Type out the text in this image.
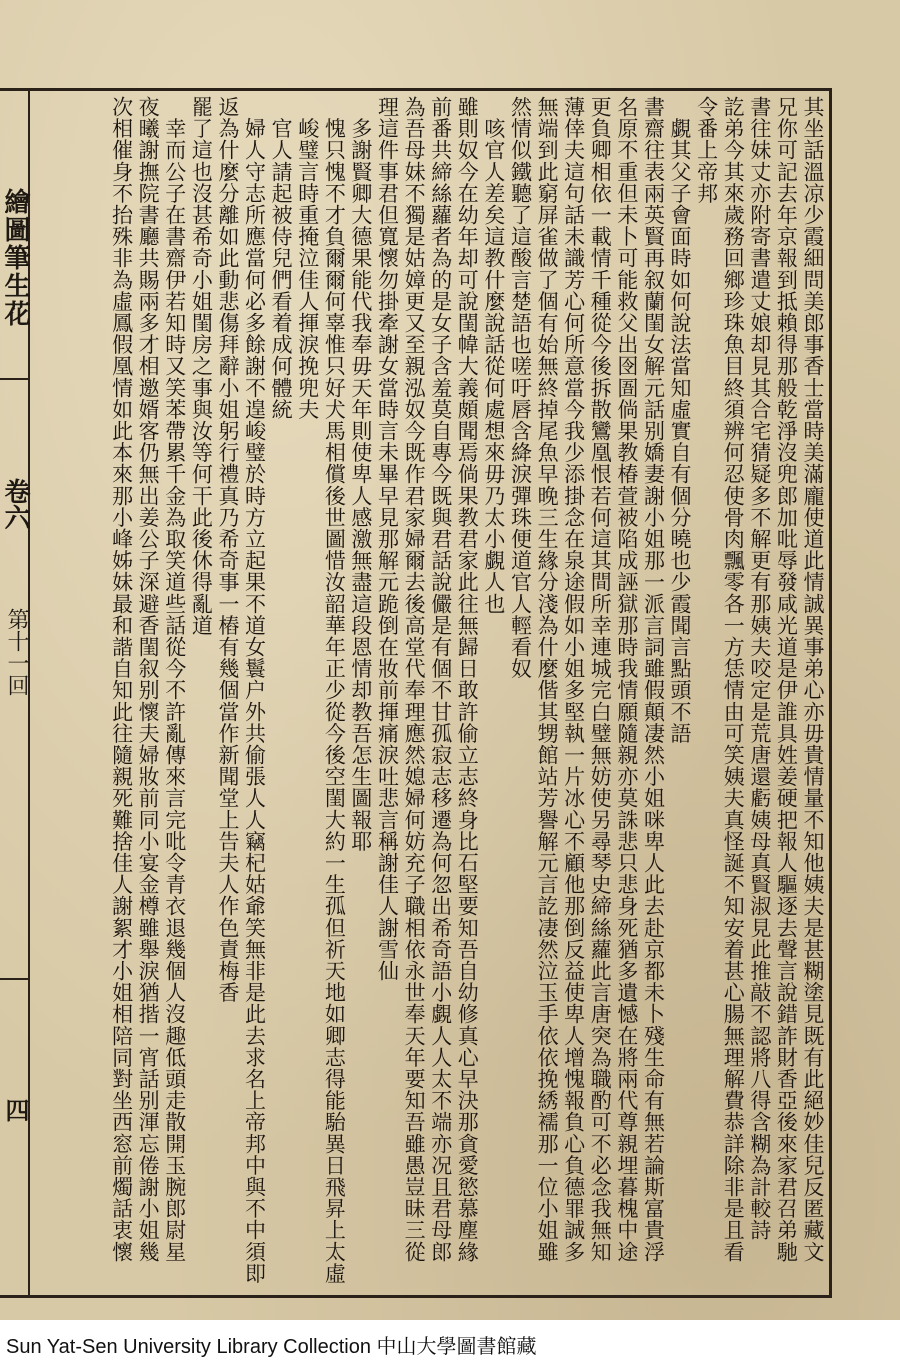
繪圖筆生花
卷六
第十一回
四	其坐話溫凉少霞細問美郎事香士當時美滿龐使道此情誠異事弟心亦毋貴情量不知他姨夫是甚糊塗見既有此絕妙佳兒反匿藏文
兄你可記去年京報到抵賴得那般乾淨沒兜郎加吡辱發咸光道是伊誰具姓姜硬把報人驅逐去聲言說錯詐財香亞後來家君召弟馳
書往妹丈亦附寄書遣丈娘却見其合宅猜疑多不解更有那姨夫咬定是荒唐還虧姨母真賢淑見此推敲不認將八得含糊為計較詩
訖弟今其來歲務回鄉珍珠魚目終須辨何忍使骨肉飄零各一方恁情由可笑姨夫真怪誕不知安着甚心腸無理解費恭詳除非是且看
令番上帝邦
　覷其父子會面時如何說法當知虛實自有個分曉也少霞聞言點頭不語
書齋往表兩英賢再叙蘭閨女解元話别嬌妻謝小姐那一派言詞雖假顛凄然小姐咪卑人此去赴京都未卜殘生命有無若論斯富貴浮
名原不重但未卜可能救父出囹圄倘果教椿萱被陷成誣獄那時我情願隨親亦莫誅悲只悲身死猶多遺憾在將兩代尊親埋暮槐中途
更負卿相依一載情千種從今後拆散鸞凰恨若何這其間所幸連城完白璧無妨使另尋琴史締絲蘿此言唐突為職酌可不必念我無知
薄倖夫這句話未識芳心何所意當今我少添掛念在泉途假如小姐多堅執一片冰心不顧他那倒反益使卑人增愧報負心負德罪誠多
無端到此窮屏雀做了個有始無終掉尾魚早晚三生緣分淺為什麼偕其甥館站芳譽解元言訖凄然泣玉手依依挽綉襦那一位小姐雖
然情似鐵聽了這酸言楚語也嗟吁唇含絳淚彈珠便道官人輕看奴
　咳官人差矣這教什麼說話從何處想來毋乃太小覷人也
雖則奴今在幼年却可說閨幃大義頗聞焉倘果教君家此往無歸日敢許偷立志終身比石堅要知吾自幼修真心早決那貪愛慾慕塵緣
前番共締絲蘿者為的是女子含羞莫自專今既與君話說儼是有個不甘孤寂志移遷為何忽出希奇語小覷人人太不端亦况且君母郎
為吾母妹不獨是姑嫜更又至親泓奴今既作君家婦爾去後高堂代奉理應然媳婦何妨充子職相依永世奉天年要知吾雖愚豈昧三從
理這件事君但寬懷勿掛牽謝女當時言未畢早見那解元跪倒在妝前揮痛淚吐悲言稱謝佳人謝雪仙
　多謝賢卿大德果能代我奉毋天年則使卑人感激無盡這段恩情却教吾怎生圖報耶
　愧只愧不才負爾爾何辜惟只好犬馬相償後世圖惜汝韶華年正少從今後空閨大約一生孤但祈天地如卿志得能駘異日飛昇上太虛
　峻璧言時重掩泣佳人揮淚挽兜夫
　官人請起被侍兒們看着成何體統
　婦人守志所應當何必多餘謝不遑峻璧於時方立起果不道女鬟户外共偷張人人竊杞姑爺笑無非是此去求名上帝邦中與不中須即
返為什麼分離如此動悲傷拜辭小姐躬行禮真乃希奇事一樁有幾個當作新聞堂上告夫人作色責梅香
罷了這也沒甚希奇小姐閨房之事與汝等何干此後休得亂道
　幸而公子在書齋伊若知時又笑苯帶累千金為取笑道些話從今不許亂傳來言完吡令青衣退幾個人沒趣低頭走散開玉腕郎尉星
夜曦謝撫院書廳共賜兩多才相邀婿客仍無出姜公子深避香閨叙别懷夫婦妝前同小宴金樽雖舉淚猶揩一宵話别渾忘倦謝小姐幾
次相催身不抬殊非為虛鳳假凰情如此本來那小峰姊妹最和諧自知此往隨親死難捨佳人謝絮才小姐相陪同對坐西窓前燭話衷懷
Sun Yat-Sen University Library Collection 中山大學圖書館藏
